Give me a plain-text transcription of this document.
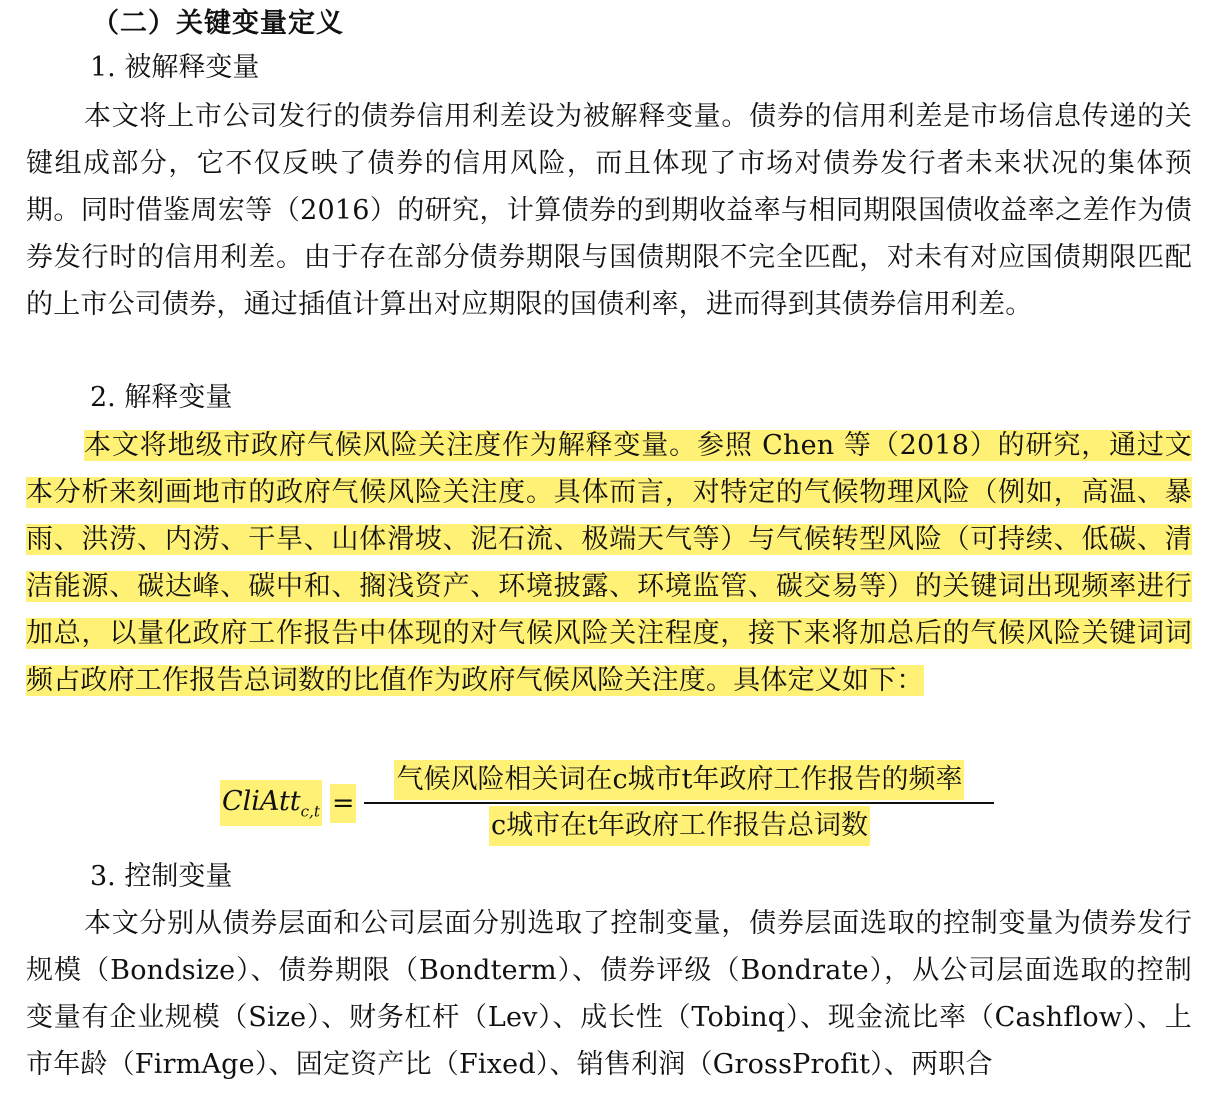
（二）关键变量定义
1. 被解释变量
本文将上市公司发行的债券信用利差设为被解释变量。债券的信用利差是市场信息传递的关键组成部分，它不仅反映了债券的信用风险，而且体现了市场对债券发行者未来状况的集体预期。同时借鉴周宏等（2016）的研究，计算债券的到期收益率与相同期限国债收益率之差作为债券发行时的信用利差。由于存在部分债券期限与国债期限不完全匹配，对未有对应国债期限匹配的上市公司债券，通过插值计算出对应期限的国债利率，进而得到其债券信用利差。
2. 解释变量
本文将地级市政府气候风险关注度作为解释变量。参照 Chen 等（2018）的研究，通过文本分析来刻画地市的政府气候风险关注度。具体而言，对特定的气候物理风险（例如，高温、暴雨、洪涝、内涝、干旱、山体滑坡、泥石流、极端天气等）与气候转型风险（可持续、低碳、清洁能源、碳达峰、碳中和、搁浅资产、环境披露、环境监管、碳交易等）的关键词出现频率进行加总，以量化政府工作报告中体现的对气候风险关注程度，接下来将加总后的气候风险关键词词频占政府工作报告总词数的比值作为政府气候风险关注度。具体定义如下：
CliAtt$_{c,t}$ = $\frac{\text{气候风险相关词在c城市t年政府工作报告的频率}}{\text{c城市在t年政府工作报告总词数}}$
3. 控制变量
本文分别从债券层面和公司层面分别选取了控制变量，债券层面选取的控制变量为债券发行规模（Bondsize）、债券期限（Bondterm）、债券评级（Bondrate），从公司层面选取的控制变量有企业规模（Size）、财务杠杆（Lev）、成长性（Tobinq）、现金流比率（Cashflow）、上市年龄（FirmAge）、固定资产比（Fixed）、销售利润（GrossProfit）、两职合
